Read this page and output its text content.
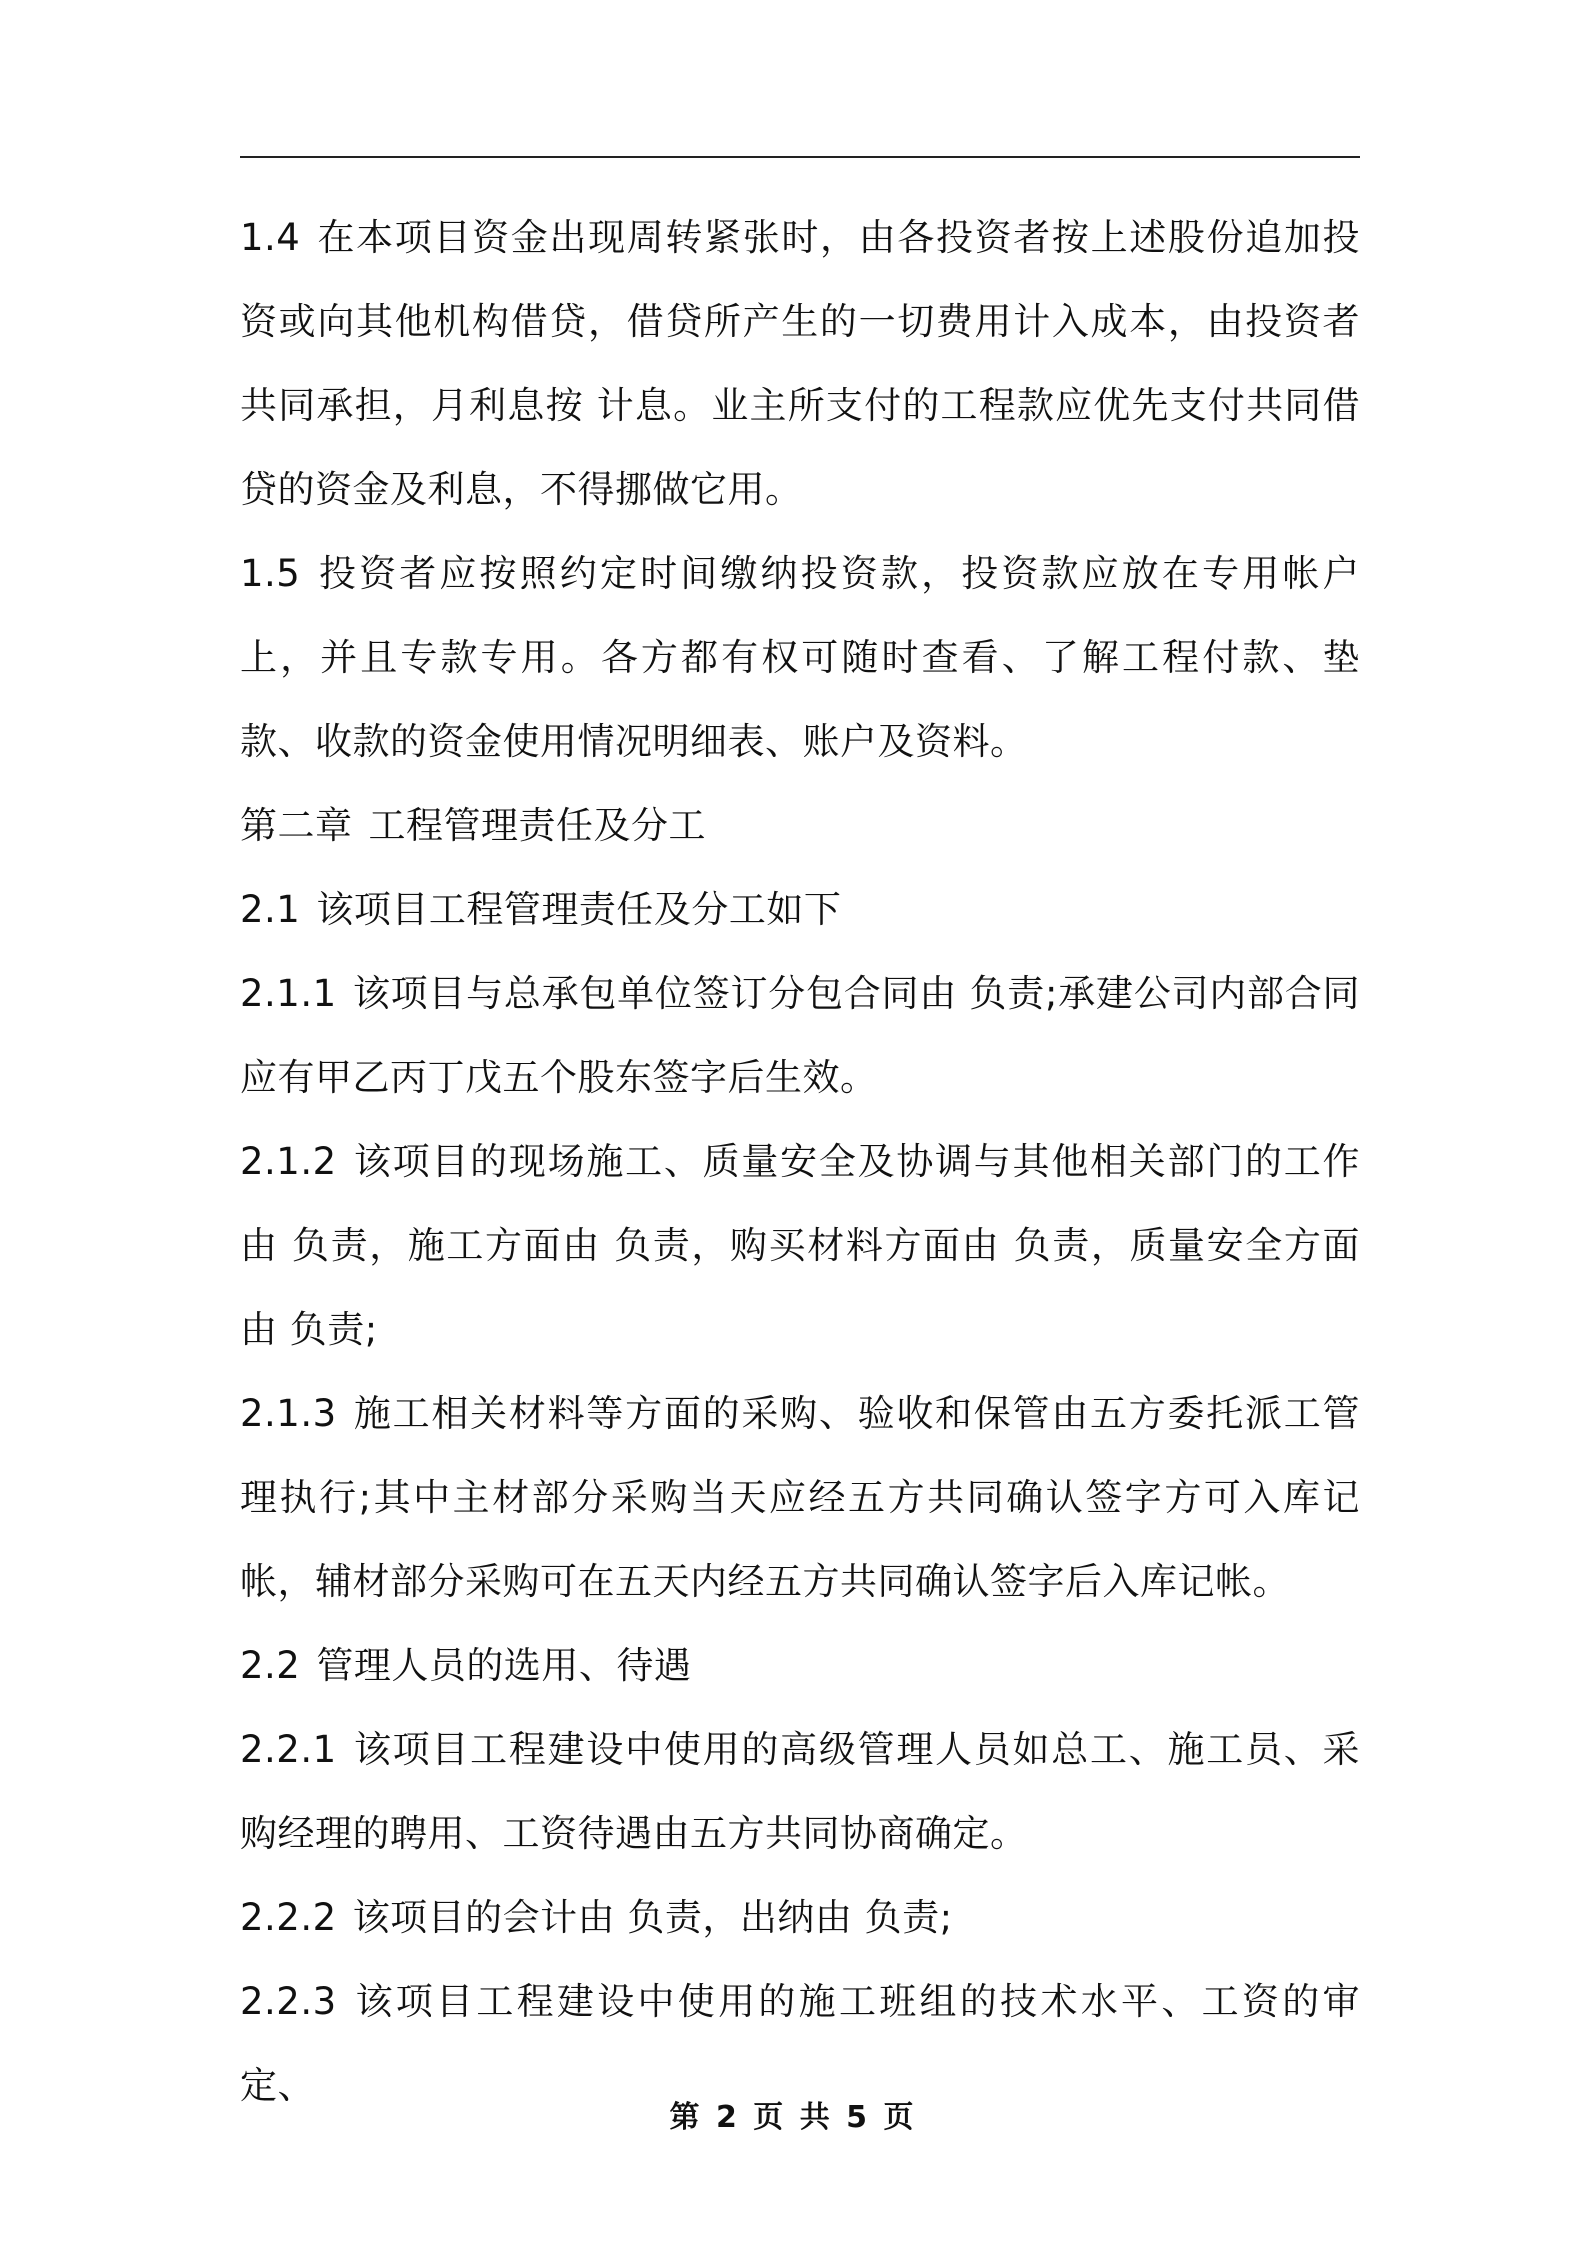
1.4 在本项目资金出现周转紧张时，由各投资者按上述股份追加投资或向其他机构借贷，借贷所产生的一切费用计入成本，由投资者共同承担，月利息按 计息。业主所支付的工程款应优先支付共同借贷的资金及利息，不得挪做它用。

1.5 投资者应按照约定时间缴纳投资款，投资款应放在专用帐户上，并且专款专用。各方都有权可随时查看、了解工程付款、垫款、收款的资金使用情况明细表、账户及资料。

第二章 工程管理责任及分工

2.1 该项目工程管理责任及分工如下

2.1.1 该项目与总承包单位签订分包合同由 负责;承建公司内部合同应有甲乙丙丁戊五个股东签字后生效。

2.1.2 该项目的现场施工、质量安全及协调与其他相关部门的工作由 负责，施工方面由 负责，购买材料方面由 负责，质量安全方面由 负责;

2.1.3 施工相关材料等方面的采购、验收和保管由五方委托派工管理执行;其中主材部分采购当天应经五方共同确认签字方可入库记帐，辅材部分采购可在五天内经五方共同确认签字后入库记帐。

2.2 管理人员的选用、待遇

2.2.1 该项目工程建设中使用的高级管理人员如总工、施工员、采购经理的聘用、工资待遇由五方共同协商确定。

2.2.2 该项目的会计由 负责，出纳由 负责;

2.2.3 该项目工程建设中使用的施工班组的技术水平、工资的审定、

第 2 页 共 5 页
